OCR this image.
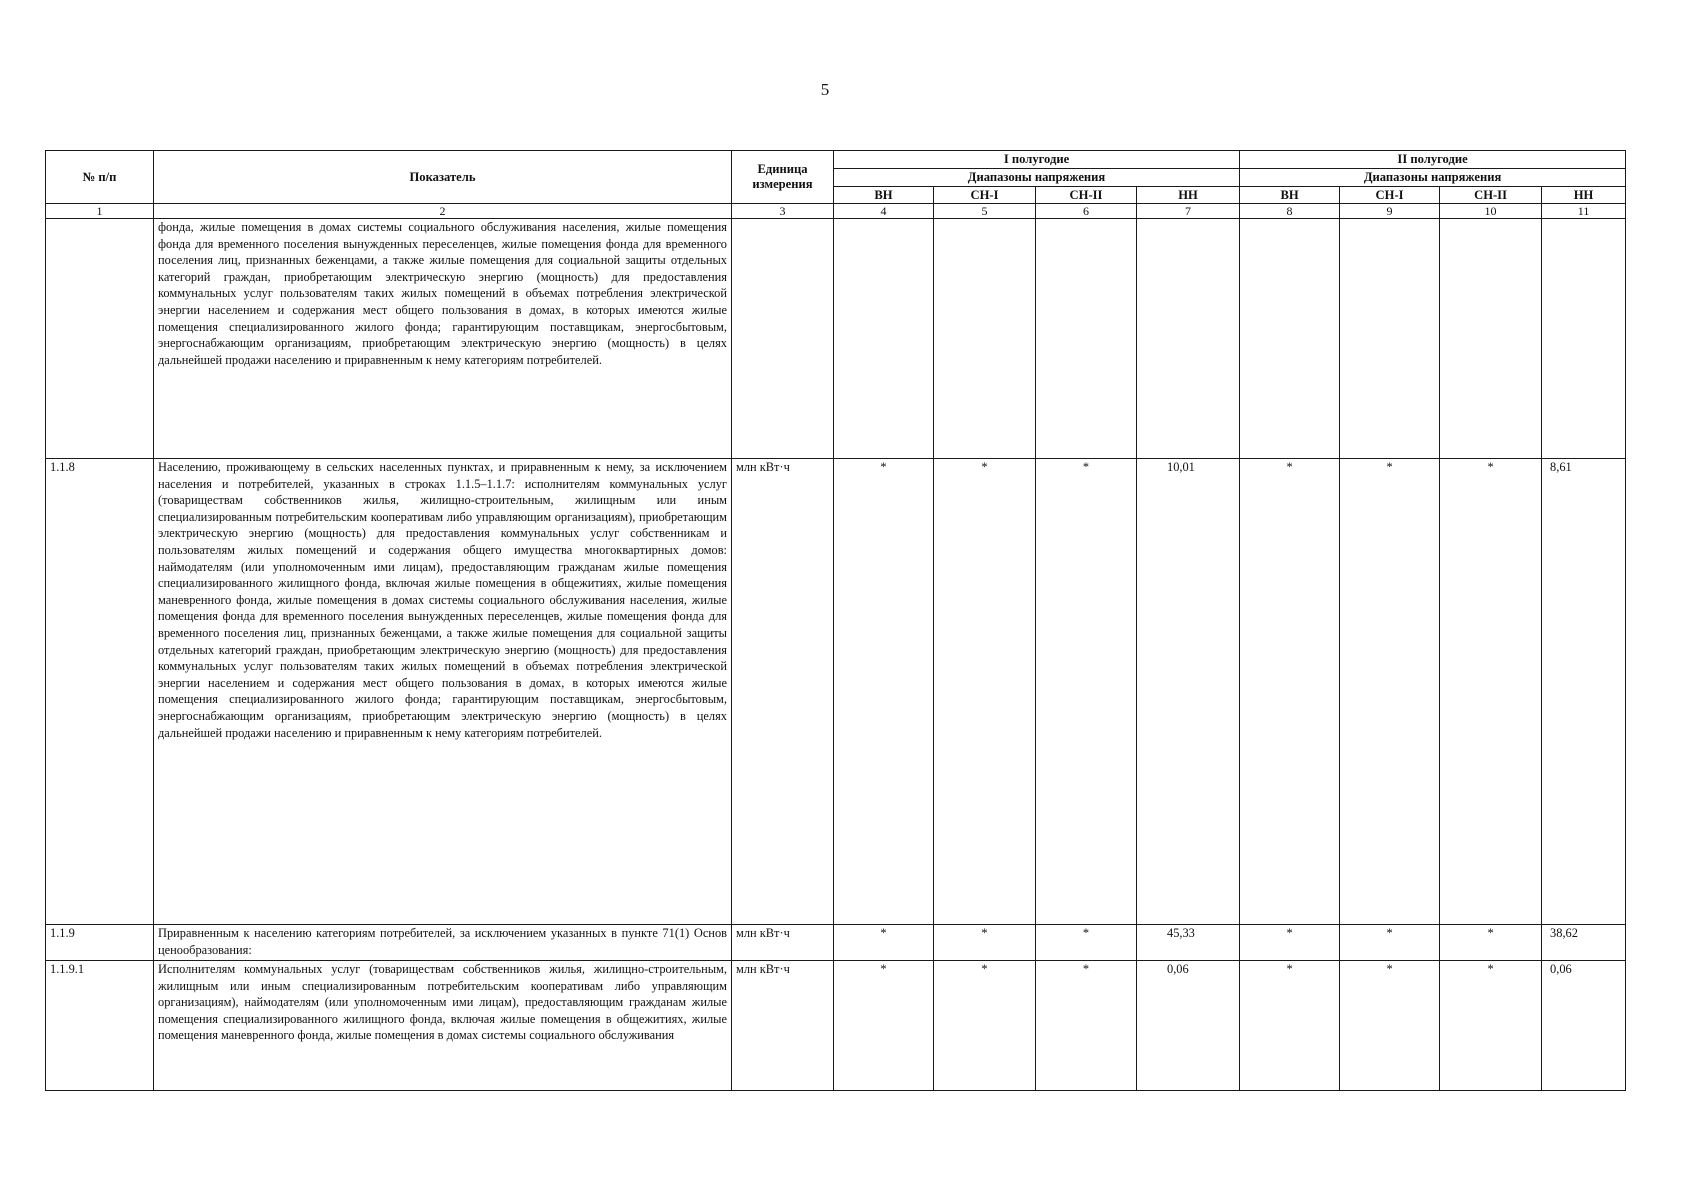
5
№ п/п	Показатель	Единица измерения	I полугодие				II полугодие			
			Диапазоны напряжения				Диапазоны напряжения			
			ВН	СН-I	СН-II	НН	ВН	СН-I	СН-II	НН
1	2	3	4	5	6	7	8	9	10	11
	фонда, жилые помещения в домах системы социального обслуживания населения, жилые помещения фонда для временного поселения вынужденных переселенцев, жилые помещения фонда для временного поселения лиц, признанных беженцами, а также жилые помещения для социальной защиты отдельных категорий граждан, приобретающим электрическую энергию (мощность) для предоставления коммунальных услуг пользователям таких жилых помещений в объемах потребления электрической энергии населением и содержания мест общего пользования в домах, в которых имеются жилые помещения специализированного жилого фонда; гарантирующим поставщикам, энергосбытовым, энергоснабжающим организациям, приобретающим электрическую энергию (мощность) в целях дальнейшей продажи населению и приравненным к нему категориям потребителей.									
1.1.8	Населению, проживающему в сельских населенных пунктах, и приравненным к нему, за исключением населения и потребителей, указанных в строках 1.1.5–1.1.7: исполнителям коммунальных услуг (товариществам собственников жилья, жилищно-строительным, жилищным или иным специализированным потребительским кооперативам либо управляющим организациям), приобретающим электрическую энергию (мощность) для предоставления коммунальных услуг собственникам и пользователям жилых помещений и содержания общего имущества многоквартирных домов: наймодателям (или уполномоченным ими лицам), предоставляющим гражданам жилые помещения специализированного жилищного фонда, включая жилые помещения в общежитиях, жилые помещения маневренного фонда, жилые помещения в домах системы социального обслуживания населения, жилые помещения фонда для временного поселения вынужденных переселенцев, жилые помещения фонда для временного поселения лиц, признанных беженцами, а также жилые помещения для социальной защиты отдельных категорий граждан, приобретающим электрическую энергию (мощность) для предоставления коммунальных услуг пользователям таких жилых помещений в объемах потребления электрической энергии населением и содержания мест общего пользования в домах, в которых имеются жилые помещения специализированного жилого фонда; гарантирующим поставщикам, энергосбытовым, энергоснабжающим организациям, приобретающим электрическую энергию (мощность) в целях дальнейшей продажи населению и приравненным к нему категориям потребителей.	млн кВт·ч	*	*	*	10,01	*	*	*	8,61
1.1.9	Приравненным к населению категориям потребителей, за исключением указанных в пункте 71(1) Основ ценообразования:	млн кВт·ч	*	*	*	45,33	*	*	*	38,62
1.1.9.1	Исполнителям коммунальных услуг (товариществам собственников жилья, жилищно-строительным, жилищным или иным специализированным потребительским кооперативам либо управляющим организациям), наймодателям (или уполномоченным ими лицам), предоставляющим гражданам жилые помещения специализированного жилищного фонда, включая жилые помещения в общежитиях, жилые помещения маневренного фонда, жилые помещения в домах системы социального обслуживания	млн кВт·ч	*	*	*	0,06	*	*	*	0,06
